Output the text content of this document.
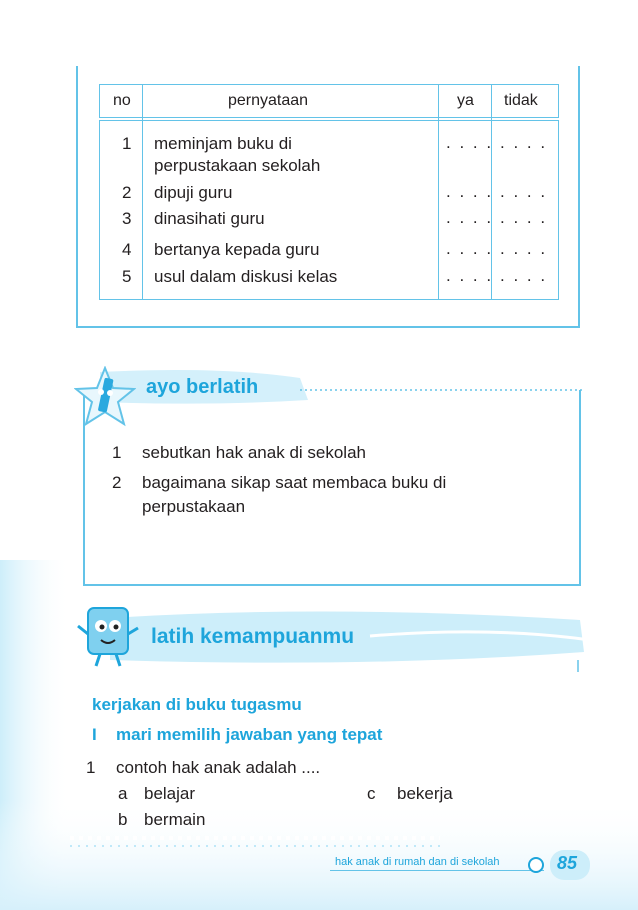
no	pernyataan	ya tidak
1 meminjam buku di
perpustakaan sekolah
. . . . . . . .
2 dipuji guru	. . . . . . . .
3 dinasihati guru	. . . . . . . .
4 bertanya kepada guru	. . . . . . . .
5 usul dalam diskusi kelas	. . . . . . . .
ayo berlatih
1 sebutkan hak anak di sekolah
2 bagaimana sikap saat membaca buku di
perpustakaan
latih kemampuanmu
kerjakan di buku tugasmu
I mari memilih jawaban yang tepat
1 contoh hak anak adalah ....
a belajar
b bermain
c bekerja
hak anak di rumah dan di sekolah	85
